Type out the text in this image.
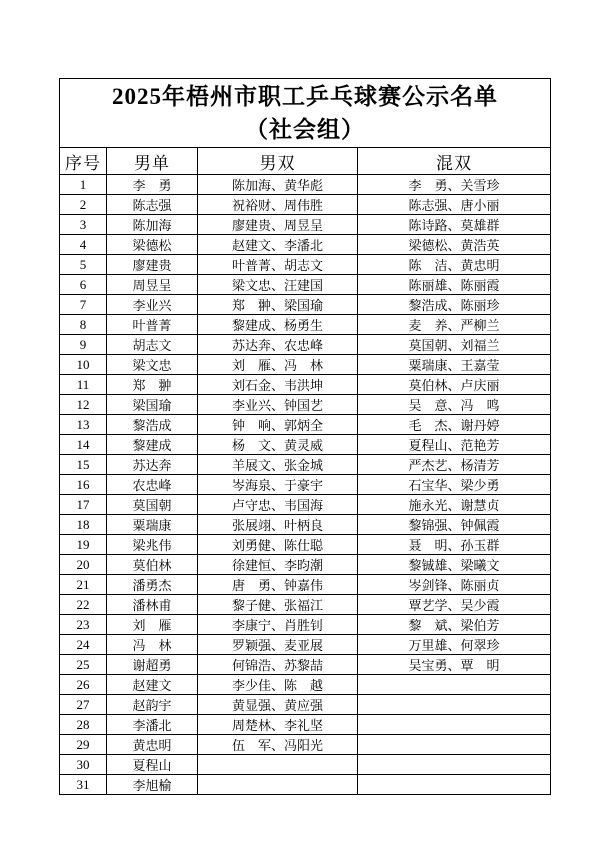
2025年梧州市职工乒乓球赛公示名单
（社会组）			

序号	男单	男双	混双
1	李　勇	陈加海、黄华彪	李　勇、关雪珍
2	陈志强	祝裕财、周伟胜	陈志强、唐小丽
3	陈加海	廖建贵、周昱呈	陈诗路、莫雄群
4	梁德松	赵建文、李潘北	梁德松、黄浩英
5	廖建贵	叶普菁、胡志文	陈　洁、黄忠明
6	周昱呈	梁文忠、汪建国	陈丽雄、陈丽霞
7	李业兴	郑　翀、梁国瑜	黎浩成、陈丽珍
8	叶普菁	黎建成、杨勇生	麦　养、严柳兰
9	胡志文	苏达奔、农忠峰	莫国朝、刘福兰
10	梁文忠	刘　雁、冯　林	粟瑞康、王嘉莹
11	郑　翀	刘石金、韦洪坤	莫伯林、卢庆丽
12	梁国瑜	李业兴、钟国艺	吴　意、冯　鸣
13	黎浩成	钟　响、郭炳全	毛　杰、谢丹婷
14	黎建成	杨　文、黄灵威	夏程山、范艳芳
15	苏达奔	羊展文、张金城	严杰艺、杨清芳
16	农忠峰	岑海泉、于豪宇	石宝华、梁少勇
17	莫国朝	卢守忠、韦国海	施永光、谢慧贞
18	粟瑞康	张展翊、叶柄良	黎锦强、钟佩霞
19	梁兆伟	刘勇健、陈仕聪	聂　明、孙玉群
20	莫伯林	徐建恒、李昀潮	黎铖雄、梁曦文
21	潘勇杰	唐　勇、钟嘉伟	岑剑锋、陈丽贞
22	潘林甫	黎子健、张福江	覃艺学、吴少霞
23	刘　雁	李康宁、肖胜钊	黎　斌、梁伯芳
24	冯　林	罗颖强、麦亚展	万里雄、何翠珍
25	谢超勇	何锦浩、苏黎喆	吴宝勇、覃　明
26	赵建文	李少佳、陈　越	
27	赵韵宇	黄显强、黄应强	
28	李潘北	周楚林、李礼坚	
29	黄忠明	伍　军、冯阳光	
30	夏程山		
31	李旭榆		
